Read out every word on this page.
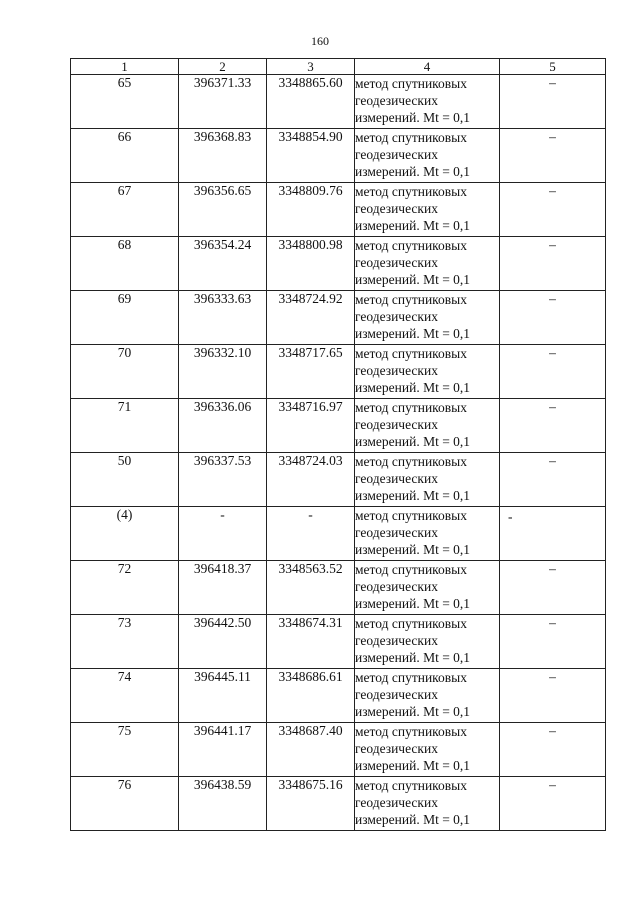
160
1	2	3	4	5
65	396371.33	3348865.60	метод спутниковых
геодезических
измерений. Mt = 0,1	–
66	396368.83	3348854.90	метод спутниковых
геодезических
измерений. Mt = 0,1	–
67	396356.65	3348809.76	метод спутниковых
геодезических
измерений. Mt = 0,1	–
68	396354.24	3348800.98	метод спутниковых
геодезических
измерений. Mt = 0,1	–
69	396333.63	3348724.92	метод спутниковых
геодезических
измерений. Mt = 0,1	–
70	396332.10	3348717.65	метод спутниковых
геодезических
измерений. Mt = 0,1	–
71	396336.06	3348716.97	метод спутниковых
геодезических
измерений. Mt = 0,1	–
50	396337.53	3348724.03	метод спутниковых
геодезических
измерений. Mt = 0,1	–
(4)	-	-	метод спутниковых
геодезических
измерений. Mt = 0,1	-
72	396418.37	3348563.52	метод спутниковых
геодезических
измерений. Mt = 0,1	–
73	396442.50	3348674.31	метод спутниковых
геодезических
измерений. Mt = 0,1	–
74	396445.11	3348686.61	метод спутниковых
геодезических
измерений. Mt = 0,1	–
75	396441.17	3348687.40	метод спутниковых
геодезических
измерений. Mt = 0,1	–
76	396438.59	3348675.16	метод спутниковых
геодезических
измерений. Mt = 0,1	–
